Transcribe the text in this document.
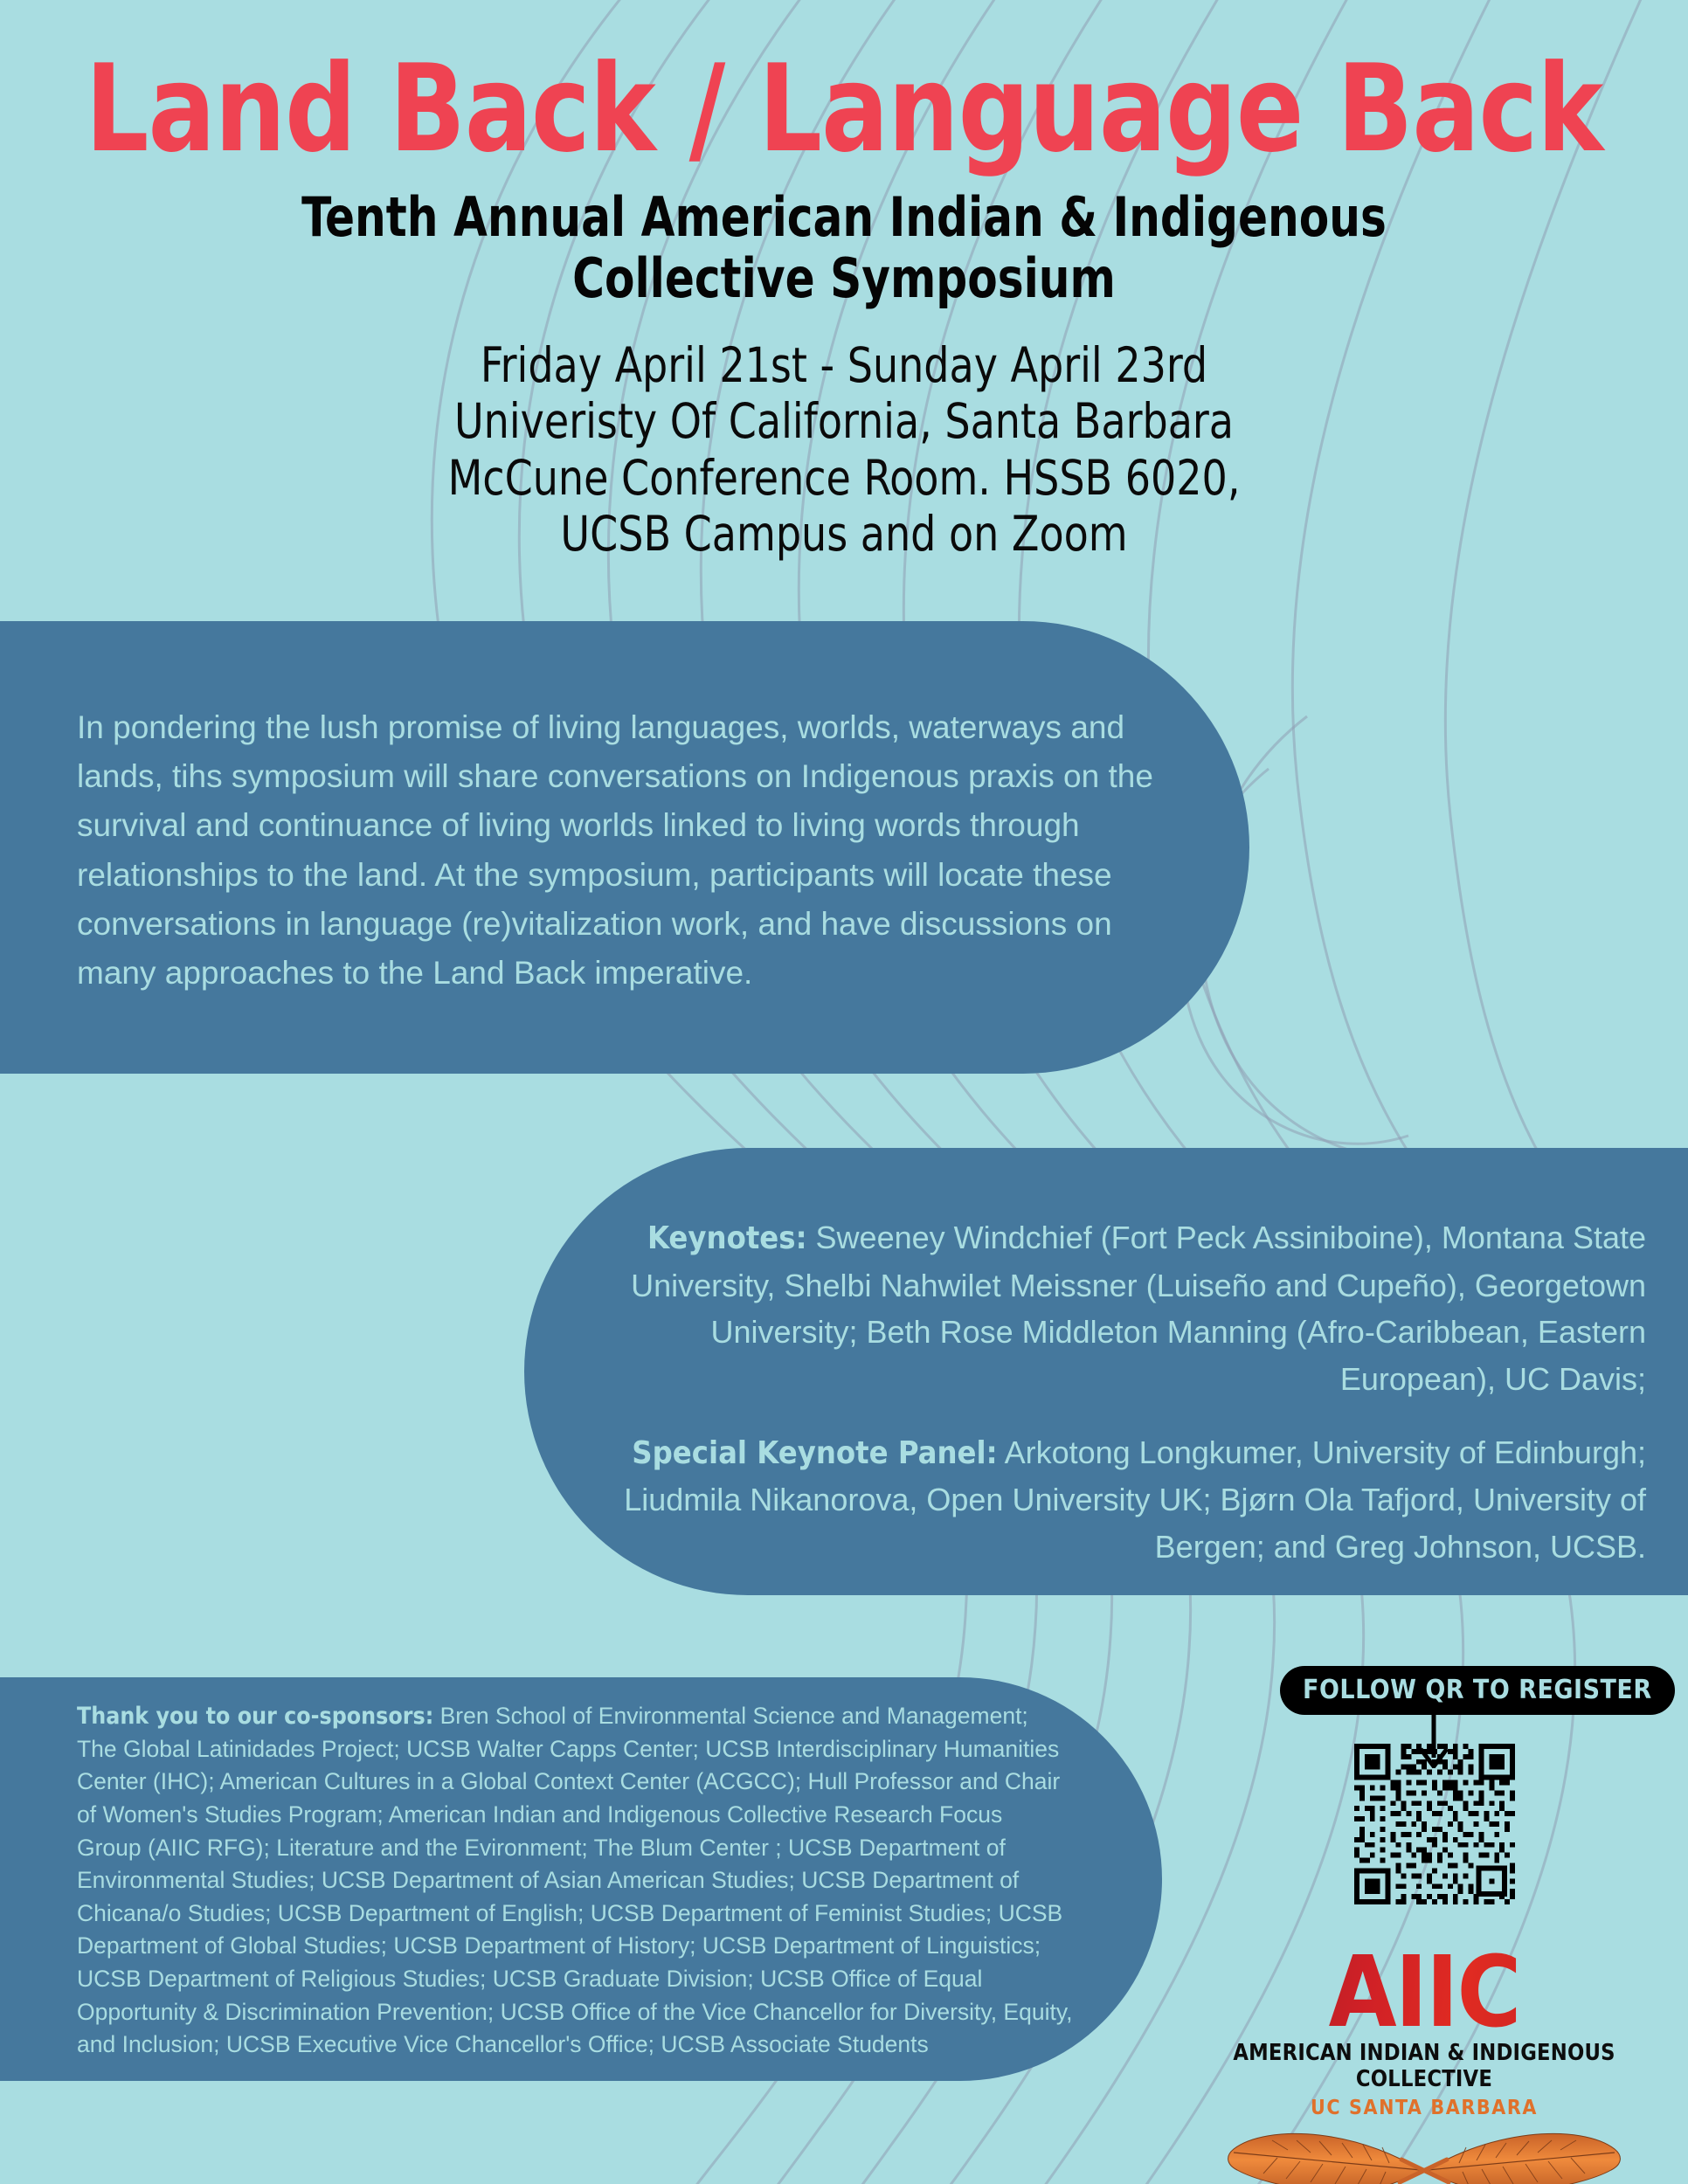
Land Back / Language Back
Tenth Annual American Indian & Indigenous
Collective Symposium
Friday April 21st - Sunday April 23rd
Univeristy Of California, Santa Barbara
McCune Conference Room. HSSB 6020,
UCSB Campus and on Zoom
In pondering the lush promise of living languages, worlds, waterways and lands, tihs symposium will share conversations on Indigenous praxis on the survival and continuance of living worlds linked to living words through relationships to the land. At the symposium, participants will locate these conversations in language (re)vitalization work, and have discussions on many approaches to the Land Back imperative.
Keynotes: Sweeney Windchief (Fort Peck Assiniboine), Montana State University, Shelbi Nahwilet Meissner (Luiseño and Cupeño), Georgetown University; Beth Rose Middleton Manning (Afro-Caribbean, Eastern European), UC Davis;
Special Keynote Panel: Arkotong Longkumer, University of Edinburgh; Liudmila Nikanorova, Open University UK; Bjørn Ola Tafjord, University of Bergen; and Greg Johnson, UCSB.
Thank you to our co-sponsors: Bren School of Environmental Science and Management; The Global Latinidades Project; UCSB Walter Capps Center; UCSB Interdisciplinary Humanities Center (IHC); American Cultures in a Global Context Center (ACGCC); Hull Professor and Chair of Women's Studies Program; American Indian and Indigenous Collective Research Focus Group (AIIC RFG); Literature and the Evironment; The Blum Center ; UCSB Department of Environmental Studies; UCSB Department of Asian American Studies; UCSB Department of Chicana/o Studies; UCSB Department of English; UCSB Department of Feminist Studies; UCSB Department of Global Studies; UCSB Department of History; UCSB Department of Linguistics; UCSB Department of Religious Studies; UCSB Graduate Division; UCSB Office of Equal Opportunity & Discrimination Prevention; UCSB Office of the Vice Chancellor for Diversity, Equity, and Inclusion; UCSB Executive Vice Chancellor's Office; UCSB Associate Students
FOLLOW QR TO REGISTER
AIIC
AMERICAN INDIAN & INDIGENOUS COLLECTIVE
UC SANTA BARBARA
